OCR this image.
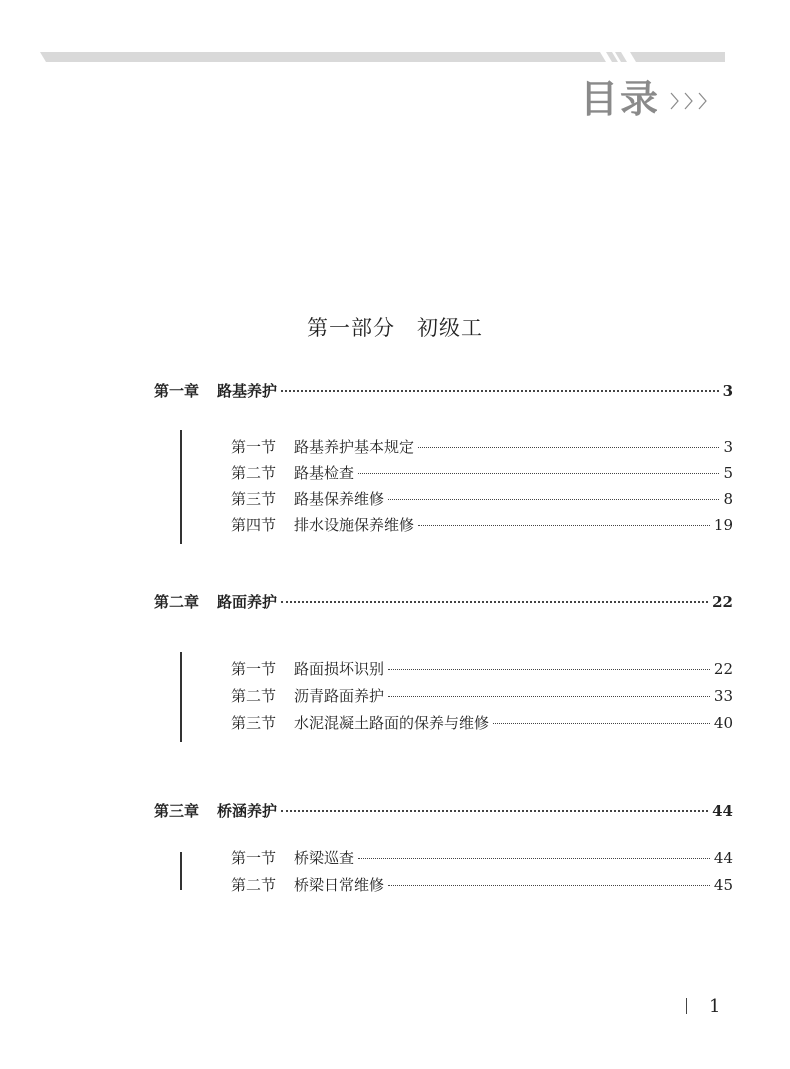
目录
第一部分　初级工
第一章 路基养护	3
第一节 路基养护基本规定	3
第二节 路基检查	5
第三节 路基保养维修	8
第四节 排水设施保养维修	19
第二章 路面养护	22
第一节 路面损坏识别	22
第二节 沥青路面养护	33
第三节 水泥混凝土路面的保养与维修	40
第三章 桥涵养护	44
第一节 桥梁巡查	44
第二节 桥梁日常维修	45
1
